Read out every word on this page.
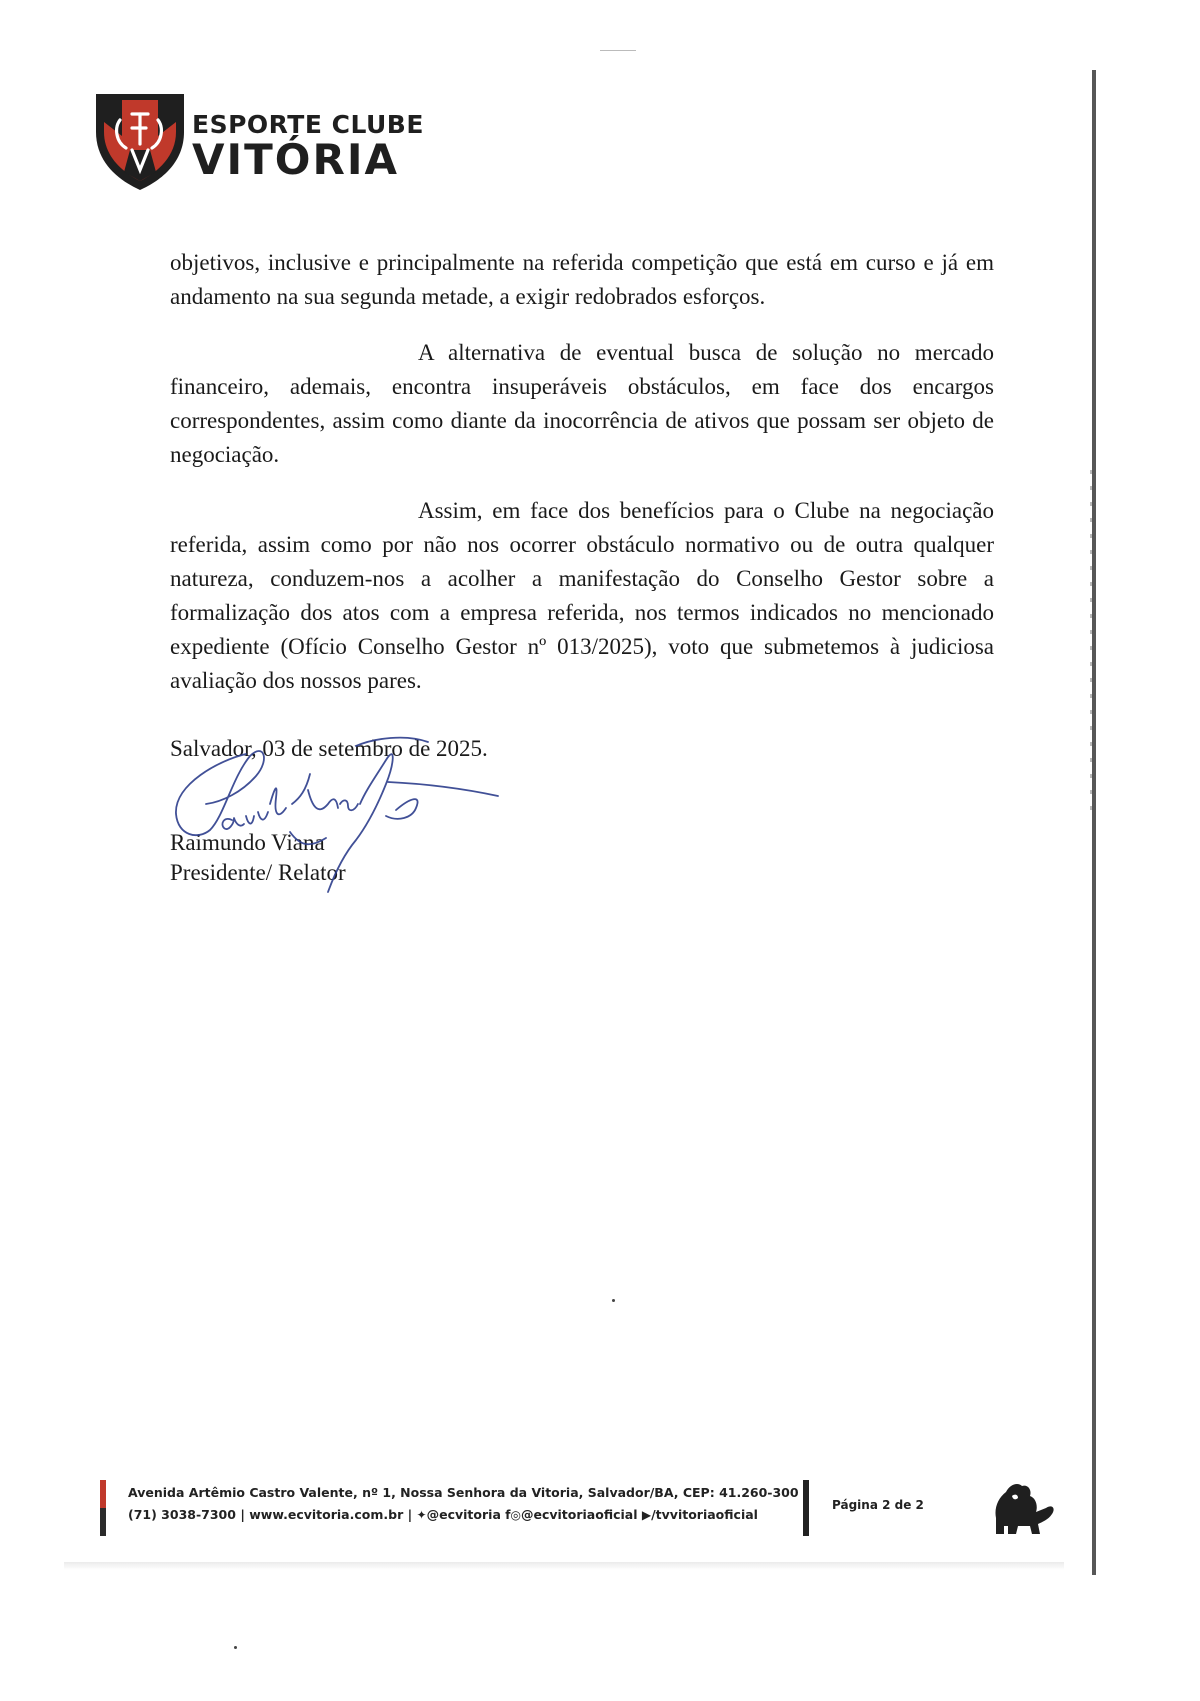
ESPORTE CLUBE
VITÓRIA

objetivos, inclusive e principalmente na referida competição que está em curso e já em andamento na sua segunda metade, a exigir redobrados esforços.

A alternativa de eventual busca de solução no mercado financeiro, ademais, encontra insuperáveis obstáculos, em face dos encargos correspondentes, assim como diante da inocorrência de ativos que possam ser objeto de negociação.

Assim, em face dos benefícios para o Clube na negociação referida, assim como por não nos ocorrer obstáculo normativo ou de outra qualquer natureza, conduzem-nos a acolher a manifestação do Conselho Gestor sobre a formalização dos atos com a empresa referida, nos termos indicados no mencionado expediente (Ofício Conselho Gestor nº 013/2025), voto que submetemos à judiciosa avaliação dos nossos pares.

Salvador, 03 de setembro de 2025.
Raimundo Viana
Presidente/ Relator
Avenida Artêmio Castro Valente, nº 1, Nossa Senhora da Vitoria, Salvador/BA, CEP: 41.260-300
(71) 3038-7300 | www.ecvitoria.com.br | ✦@ecvitoria f◎@ecvitoriaoficial ▶/tvvitoriaoficial
Página 2 de 2
